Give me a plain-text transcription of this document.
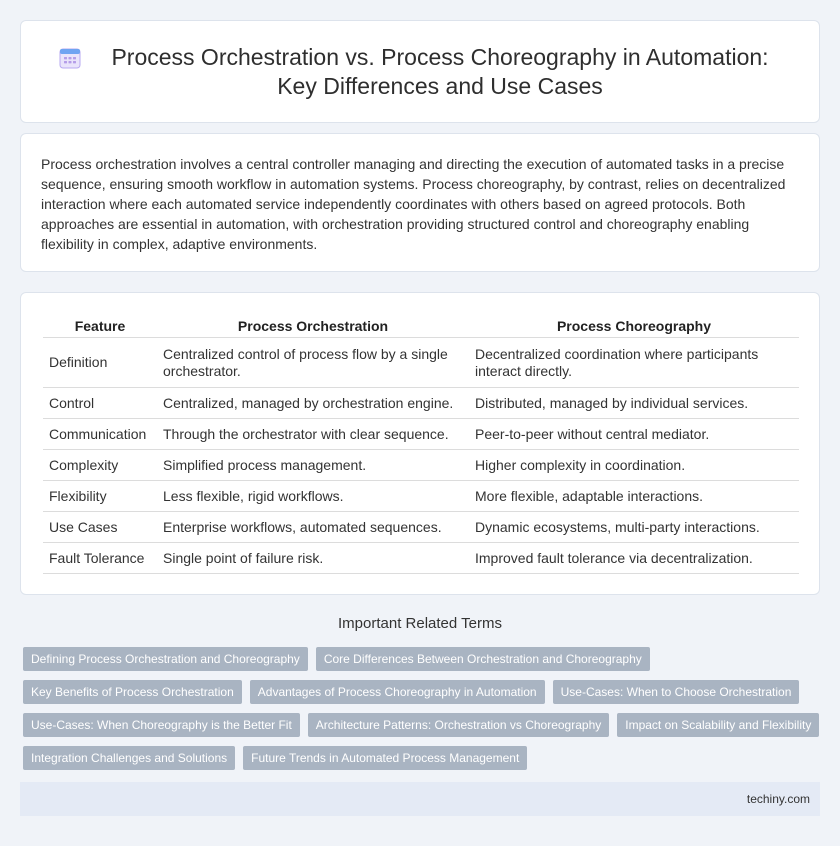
Process Orchestration vs. Process Choreography in Automation: Key Differences and Use Cases

Process orchestration involves a central controller managing and directing the execution of automated tasks in a precise sequence, ensuring smooth workflow in automation systems. Process choreography, by contrast, relies on decentralized interaction where each automated service independently coordinates with others based on agreed protocols. Both approaches are essential in automation, with orchestration providing structured control and choreography enabling flexibility in complex, adaptive environments.

Feature	Process Orchestration	Process Choreography
Definition	Centralized control of process flow by a single orchestrator.	Decentralized coordination where participants interact directly.
Control	Centralized, managed by orchestration engine.	Distributed, managed by individual services.
Communication	Through the orchestrator with clear sequence.	Peer-to-peer without central mediator.
Complexity	Simplified process management.	Higher complexity in coordination.
Flexibility	Less flexible, rigid workflows.	More flexible, adaptable interactions.
Use Cases	Enterprise workflows, automated sequences.	Dynamic ecosystems, multi-party interactions.
Fault Tolerance	Single point of failure risk.	Improved fault tolerance via decentralization.
Important Related Terms
Defining Process Orchestration and Choreography	Core Differences Between Orchestration and Choreography
Key Benefits of Process Orchestration	Advantages of Process Choreography in Automation	Use-Cases: When to Choose Orchestration
Use-Cases: When Choreography is the Better Fit	Architecture Patterns: Orchestration vs Choreography	Impact on Scalability and Flexibility
Integration Challenges and Solutions	Future Trends in Automated Process Management
techiny.com
